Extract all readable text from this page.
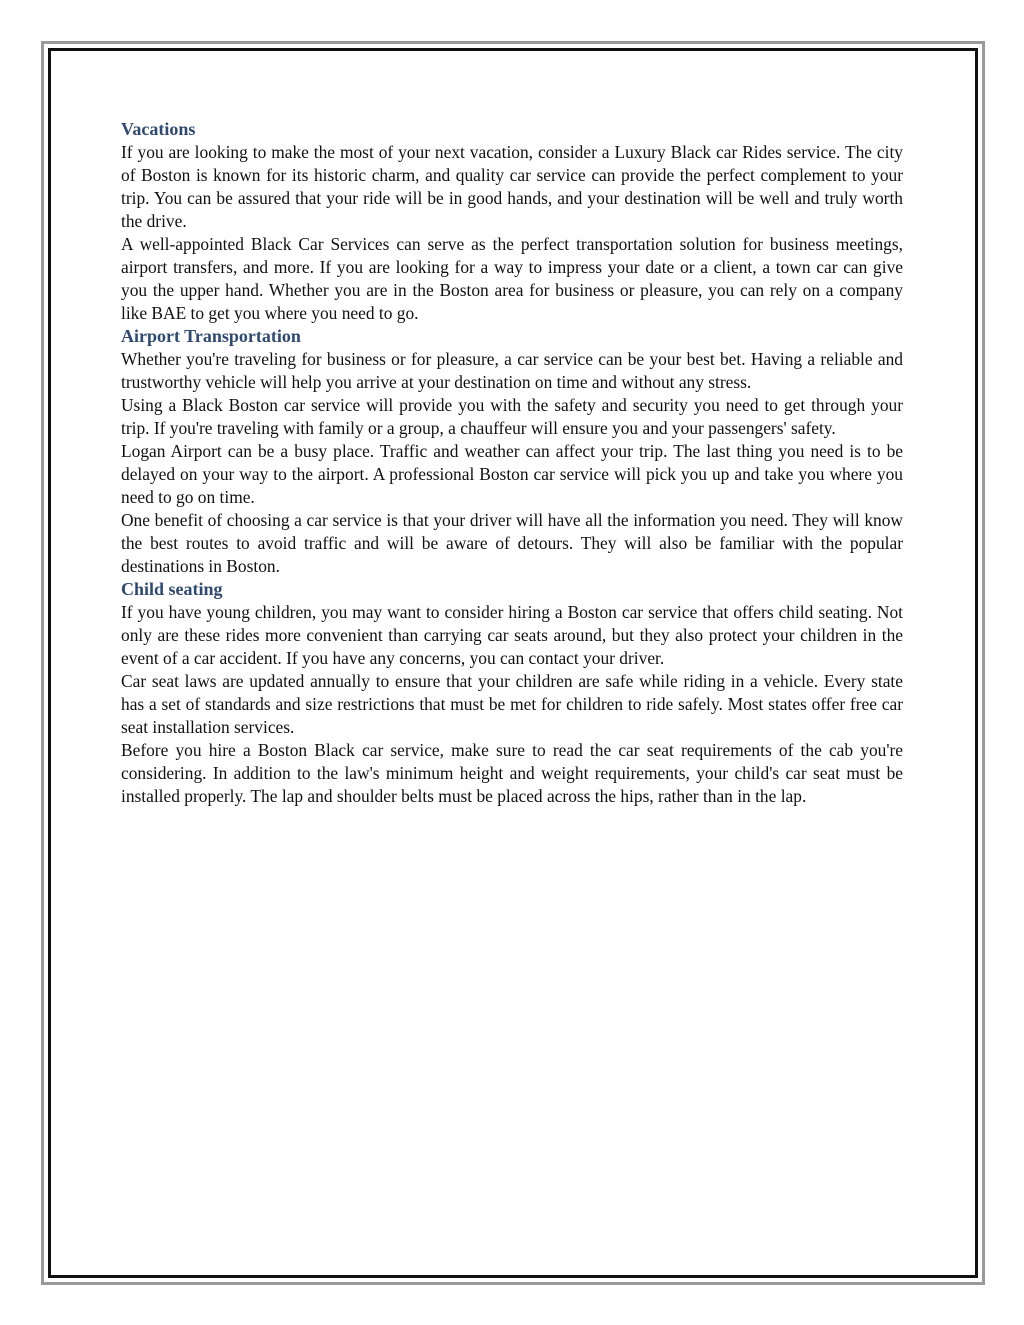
Vacations

If you are looking to make the most of your next vacation, consider a Luxury Black car Rides service. The city of Boston is known for its historic charm, and quality car service can provide the perfect complement to your trip. You can be assured that your ride will be in good hands, and your destination will be well and truly worth the drive.

A well-appointed Black Car Services can serve as the perfect transportation solution for business meetings, airport transfers, and more. If you are looking for a way to impress your date or a client, a town car can give you the upper hand. Whether you are in the Boston area for business or pleasure, you can rely on a company like BAE to get you where you need to go.

Airport Transportation

Whether you're traveling for business or for pleasure, a car service can be your best bet. Having a reliable and trustworthy vehicle will help you arrive at your destination on time and without any stress.

Using a Black Boston car service will provide you with the safety and security you need to get through your trip. If you're traveling with family or a group, a chauffeur will ensure you and your passengers' safety.

Logan Airport can be a busy place. Traffic and weather can affect your trip. The last thing you need is to be delayed on your way to the airport. A professional Boston car service will pick you up and take you where you need to go on time.

One benefit of choosing a car service is that your driver will have all the information you need. They will know the best routes to avoid traffic and will be aware of detours. They will also be familiar with the popular destinations in Boston.

Child seating

If you have young children, you may want to consider hiring a Boston car service that offers child seating. Not only are these rides more convenient than carrying car seats around, but they also protect your children in the event of a car accident. If you have any concerns, you can contact your driver.

Car seat laws are updated annually to ensure that your children are safe while riding in a vehicle. Every state has a set of standards and size restrictions that must be met for children to ride safely. Most states offer free car seat installation services.

Before you hire a Boston Black car service, make sure to read the car seat requirements of the cab you're considering. In addition to the law's minimum height and weight requirements, your child's car seat must be installed properly. The lap and shoulder belts must be placed across the hips, rather than in the lap.
